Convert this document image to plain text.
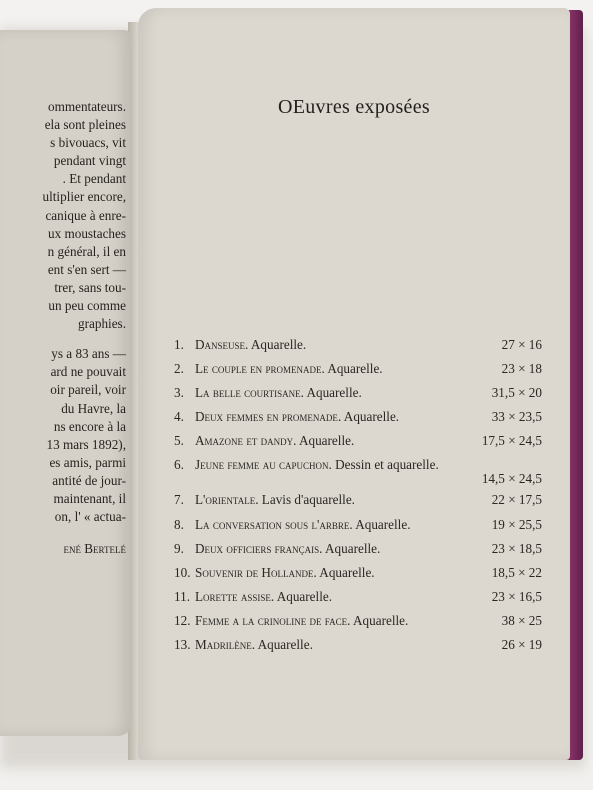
ommentateurs.
ela sont pleines
s bivouacs, vit
pendant vingt
. Et pendant
ultiplier encore,
canique à enre-
ux moustaches
n général, il en
ent s'en sert —
trer, sans tou-
un peu comme
graphies.
ys a 83 ans —
ard ne pouvait
oir pareil, voir
du Havre, la
ns encore à la
13 mars 1892),
es amis, parmi
antité de jour-
maintenant, il
on, l' « actua-
ené Bertelé
OEuvres exposées
1. Danseuse. Aquarelle.	27 × 16
2. Le couple en promenade. Aquarelle.	23 × 18
3. La belle courtisane. Aquarelle.	31,5 × 20
4. Deux femmes en promenade. Aquarelle.	33 × 23,5
5. Amazone et dandy. Aquarelle.	17,5 × 24,5
6. Jeune femme au capuchon. Dessin et aquarelle.
14,5 × 24,5
7. L'orientale. Lavis d'aquarelle.	22 × 17,5
8. La conversation sous l'arbre. Aquarelle.	19 × 25,5
9. Deux officiers français. Aquarelle.	23 × 18,5
10. Souvenir de Hollande. Aquarelle.	18,5 × 22
11. Lorette assise. Aquarelle.	23 × 16,5
12. Femme a la crinoline de face. Aquarelle.	38 × 25
13. Madrilène. Aquarelle.	26 × 19
